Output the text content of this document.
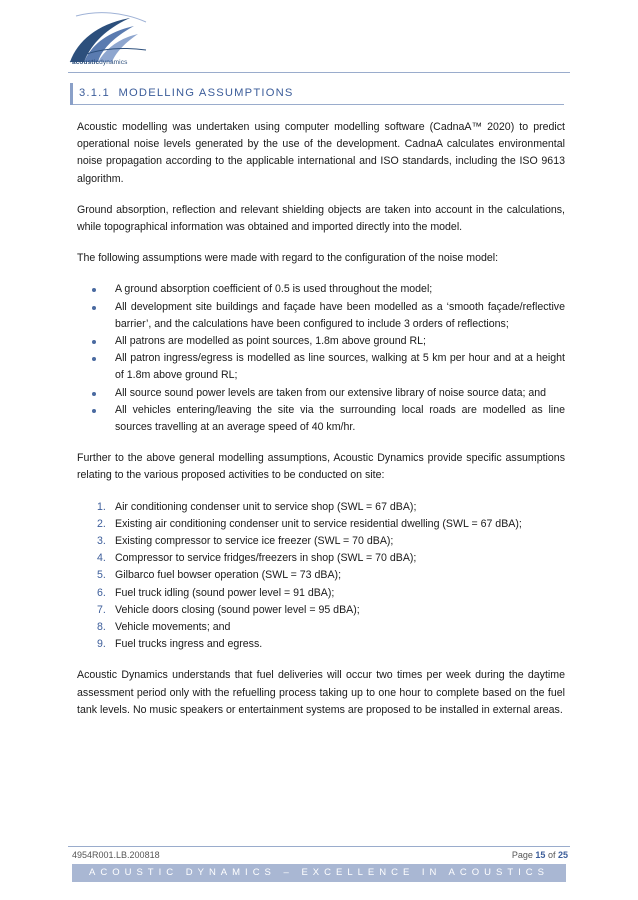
acousticdynamics
3.1.1 MODELLING ASSUMPTIONS

Acoustic modelling was undertaken using computer modelling software (CadnaA™ 2020) to predict operational noise levels generated by the use of the development. CadnaA calculates environmental noise propagation according to the applicable international and ISO standards, including the ISO 9613 algorithm.

Ground absorption, reflection and relevant shielding objects are taken into account in the calculations, while topographical information was obtained and imported directly into the model.

The following assumptions were made with regard to the configuration of the noise model:

A ground absorption coefficient of 0.5 is used throughout the model;
All development site buildings and façade have been modelled as a ‘smooth façade/reflective barrier’, and the calculations have been configured to include 3 orders of reflections;
All patrons are modelled as point sources, 1.8m above ground RL;
All patron ingress/egress is modelled as line sources, walking at 5 km per hour and at a height of 1.8m above ground RL;
All source sound power levels are taken from our extensive library of noise source data; and
All vehicles entering/leaving the site via the surrounding local roads are modelled as line sources travelling at an average speed of 40 km/hr.

Further to the above general modelling assumptions, Acoustic Dynamics provide specific assumptions relating to the various proposed activities to be conducted on site:

1. Air conditioning condenser unit to service shop (SWL = 67 dBA);
2. Existing air conditioning condenser unit to service residential dwelling (SWL = 67 dBA);
3. Existing compressor to service ice freezer (SWL = 70 dBA);
4. Compressor to service fridges/freezers in shop (SWL = 70 dBA);
5. Gilbarco fuel bowser operation (SWL = 73 dBA);
6. Fuel truck idling (sound power level = 91 dBA);
7. Vehicle doors closing (sound power level = 95 dBA);
8. Vehicle movements; and
9. Fuel trucks ingress and egress.

Acoustic Dynamics understands that fuel deliveries will occur two times per week during the daytime assessment period only with the refuelling process taking up to one hour to complete based on the fuel tank levels. No music speakers or entertainment systems are proposed to be installed in external areas.

4954R001.LB.200818	Page 15 of 25
ACOUSTIC DYNAMICS – EXCELLENCE IN ACOUSTICS
